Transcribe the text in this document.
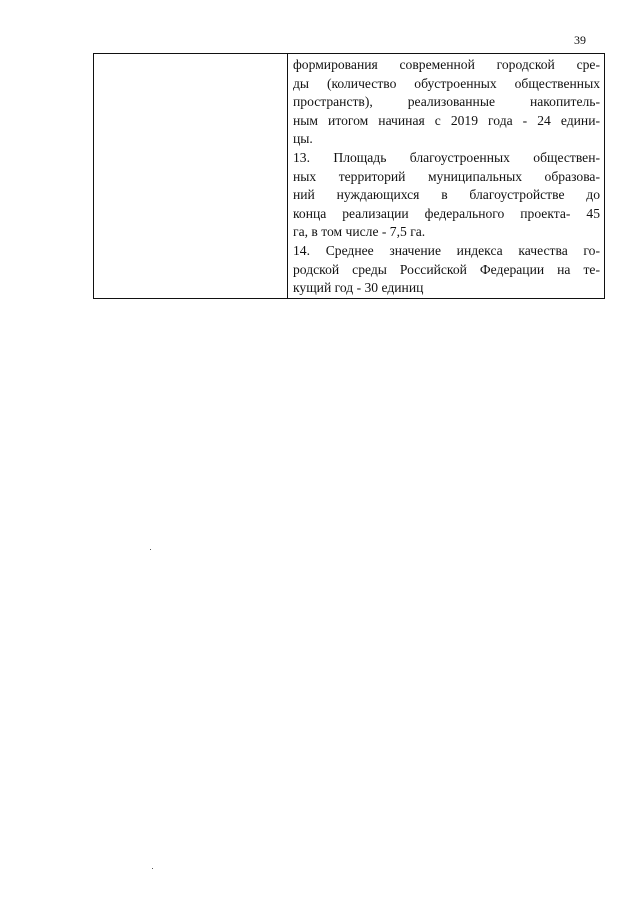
39

формирования современной городской сре-
ды (количество обустроенных общественных
пространств), реализованные накопитель-
ным итогом начиная с 2019 года - 24 едини-
цы.
13. Площадь благоустроенных обществен-
ных территорий муниципальных образова-
ний нуждающихся в благоустройстве до
конца реализации федерального проекта- 45
га, в том числе - 7,5 га.
14. Среднее значение индекса качества го-
родской среды Российской Федерации на те-
кущий год - 30 единиц
